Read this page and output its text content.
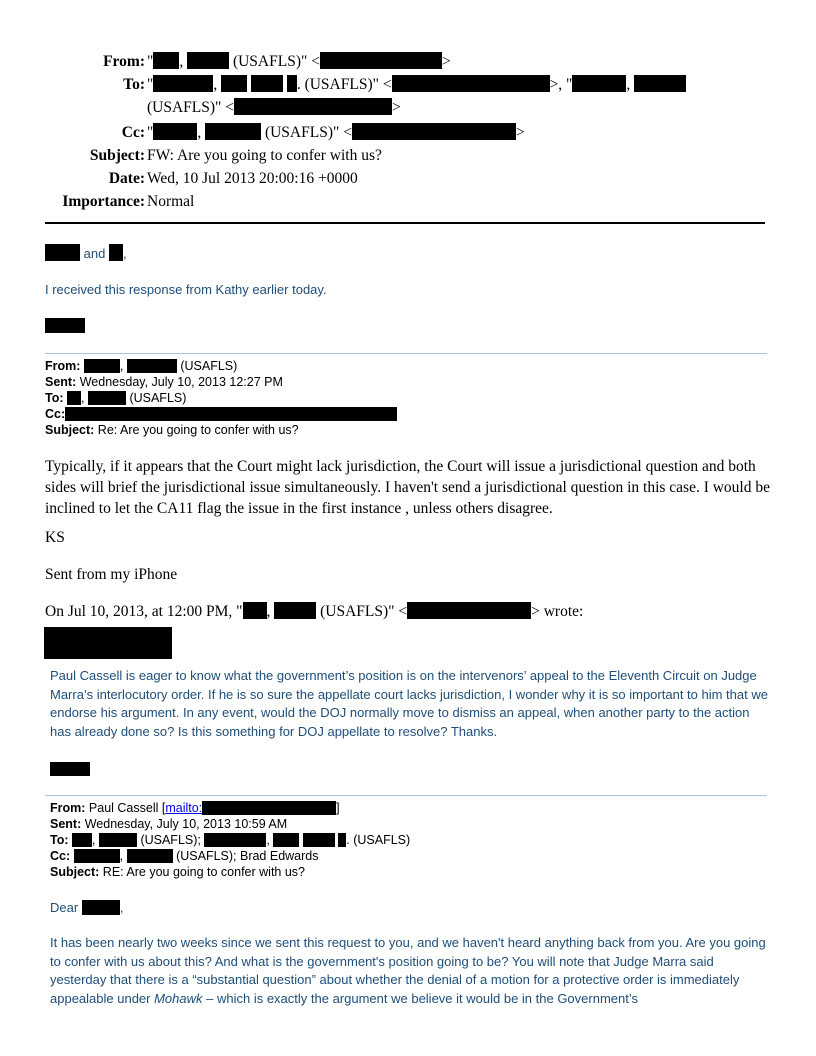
From: " ,	(USAFLS)" <	>
To: "	,	. (USAFLS)" <	>, "	,
(USAFLS)" <	>
Cc: "	,	(USAFLS)" <	>
Subject: FW: Are you going to confer with us?
Date: Wed, 10 Jul 2013 20:00:16 +0000
Importance: Normal
and ,
I received this response from Kathy earlier today.
From:	,	(USAFLS)
Sent: Wednesday, July 10, 2013 12:27 PM
To: ,	(USAFLS)
Cc:
Subject: Re: Are you going to confer with us?
Typically, if it appears that the Court might lack jurisdiction, the Court will issue a jurisdictional question and both sides will brief the jurisdictional issue simultaneously. I haven't send a jurisdictional question in this case. I would be inclined to let the CA11 flag the issue in the first instance , unless others disagree.
KS
Sent from my iPhone
On Jul 10, 2013, at 12:00 PM, " ,	(USAFLS)" <	> wrote:
Paul Cassell is eager to know what the government’s position is on the intervenors’ appeal to the Eleventh Circuit on Judge Marra’s interlocutory order. If he is so sure the appellate court lacks jurisdiction, I wonder why it is so important to him that we endorse his argument. In any event, would the DOJ normally move to dismiss an appeal, when another party to the action has already done so? Is this something for DOJ appellate to resolve? Thanks.
From: Paul Cassell [mailto:	]
Sent: Wednesday, July 10, 2013 10:59 AM
To: ,	(USAFLS);	,	. (USAFLS)
Cc:	,	(USAFLS); Brad Edwards
Subject: RE: Are you going to confer with us?
Dear	,
It has been nearly two weeks since we sent this request to you, and we haven't heard anything back from you. Are you going to confer with us about this? And what is the government's position going to be? You will note that Judge Marra said yesterday that there is a “substantial question” about whether the denial of a motion for a protective order is immediately appealable under Mohawk – which is exactly the argument we believe it would be in the Government’s
